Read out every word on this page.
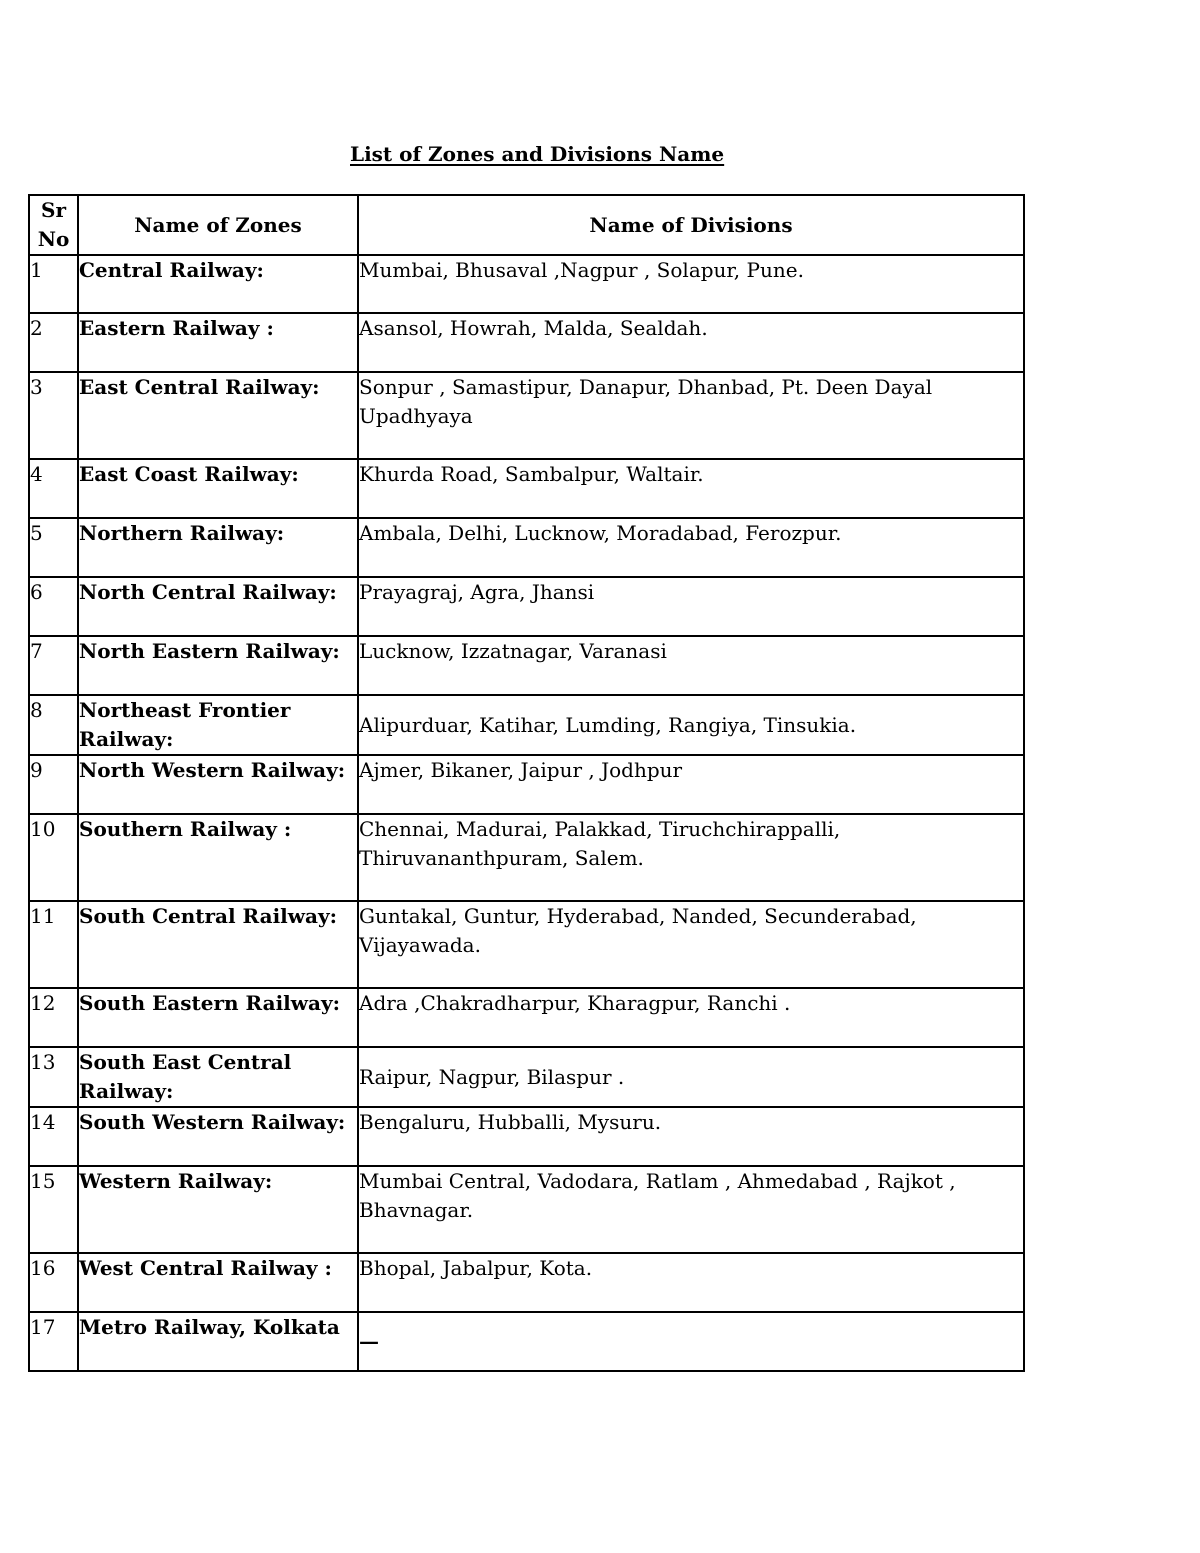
List of Zones and Divisions Name
Sr No	Name of Zones	Name of Divisions
1	Central Railway:	Mumbai, Bhusaval ,Nagpur , Solapur, Pune.
2	Eastern Railway :	Asansol, Howrah, Malda, Sealdah.
3	East Central Railway:	Sonpur , Samastipur, Danapur, Dhanbad, Pt. Deen Dayal Upadhyaya
4	East Coast Railway:	Khurda Road, Sambalpur, Waltair.
5	Northern Railway:	Ambala, Delhi, Lucknow, Moradabad, Ferozpur.
6	North Central Railway:	Prayagraj, Agra, Jhansi
7	North Eastern Railway:	Lucknow, Izzatnagar, Varanasi
8	Northeast Frontier Railway:	Alipurduar, Katihar, Lumding, Rangiya, Tinsukia.
9	North Western Railway:	Ajmer, Bikaner, Jaipur , Jodhpur
10	Southern Railway :	Chennai, Madurai, Palakkad, Tiruchchirappalli, Thiruvananthpuram, Salem.
11	South Central Railway:	Guntakal, Guntur, Hyderabad, Nanded, Secunderabad, Vijayawada.
12	South Eastern Railway:	Adra ,Chakradharpur, Kharagpur, Ranchi .
13	South East Central Railway:	Raipur, Nagpur, Bilaspur .
14	South Western Railway:	Bengaluru, Hubballi, Mysuru.
15	Western Railway:	Mumbai Central, Vadodara, Ratlam , Ahmedabad , Rajkot , Bhavnagar.
16	West Central Railway :	Bhopal, Jabalpur, Kota.
17	Metro Railway, Kolkata	—
